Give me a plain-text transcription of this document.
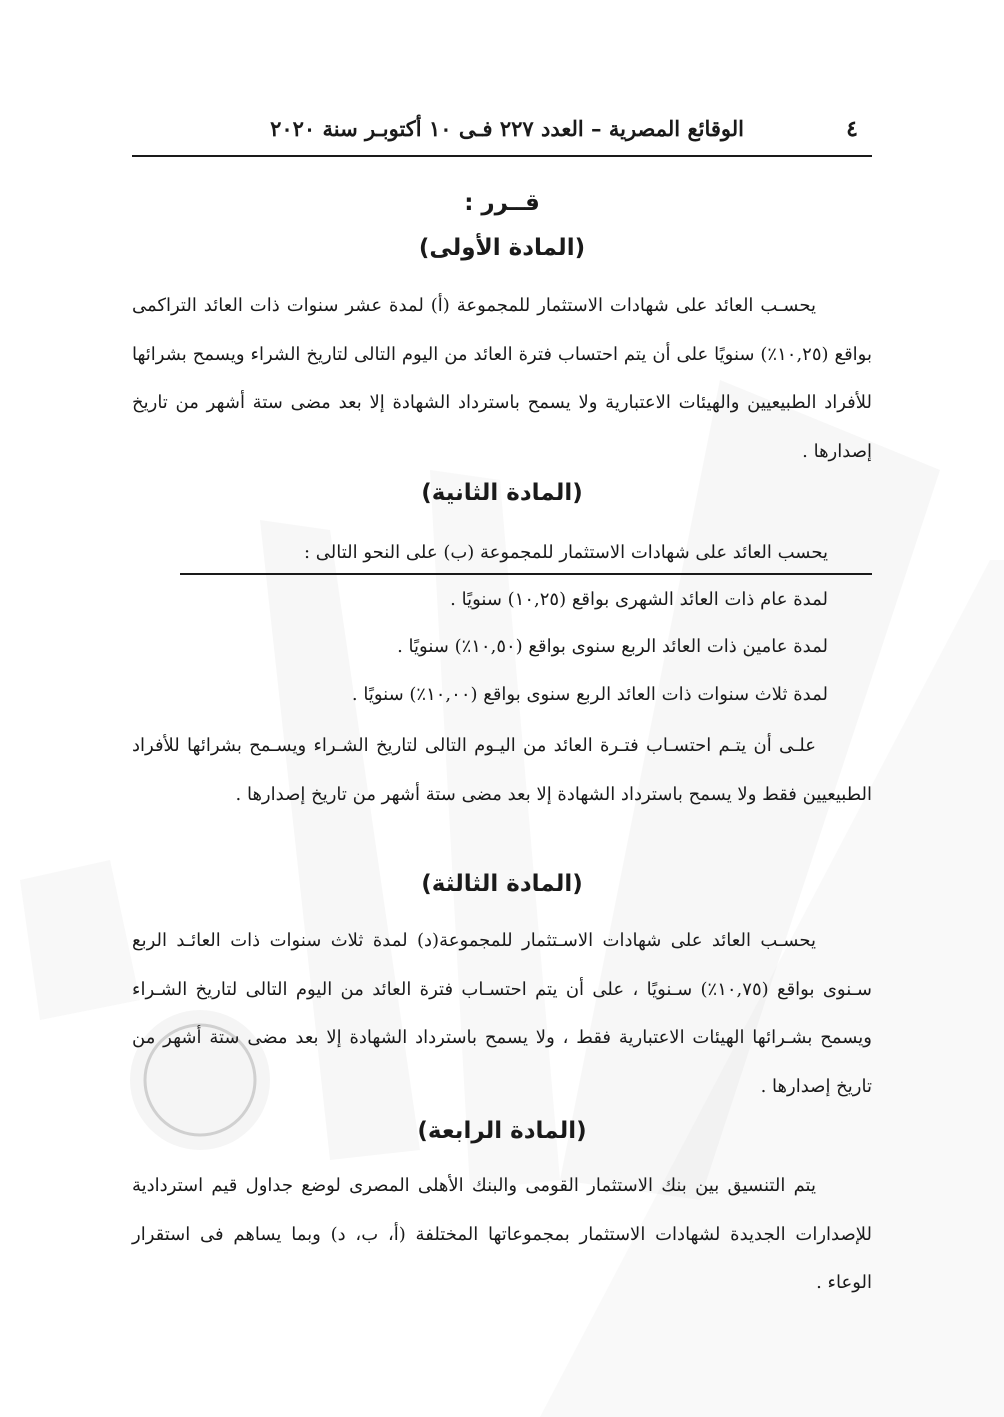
٤
الوقائع المصرية – العدد ٢٢٧ فـى ١٠ أكتوبـر سنة ٢٠٢٠
قــرر :
(المادة الأولى)

يحسـب العائد على شهادات الاستثمار للمجموعة (أ) لمدة عشر سنوات ذات العائد التراكمى بواقع (١٠,٢٥٪) سنويًا على أن يتم احتساب فترة العائد من اليوم التالى لتاريخ الشراء ويسمح بشرائها للأفراد الطبيعيين والهيئات الاعتبارية ولا يسمح باسترداد الشهادة إلا بعد مضى ستة أشهر من تاريخ إصدارها .

(المادة الثانية)

يحسب العائد على شهادات الاستثمار للمجموعة (ب) على النحو التالى :

لمدة عام ذات العائد الشهرى بواقع (١٠,٢٥) سنويًا .

لمدة عامين ذات العائد الربع سنوى بواقع (١٠,٥٠٪) سنويًا .

لمدة ثلاث سنوات ذات العائد الربع سنوى بواقع (١٠,٠٠٪) سنويًا .

علـى أن يتـم احتسـاب فتـرة العائد من اليـوم التالى لتاريخ الشـراء ويسـمح بشرائها للأفراد الطبيعيين فقط ولا يسمح باسترداد الشهادة إلا بعد مضى ستة أشهر من تاريخ إصدارها .

(المادة الثالثة)

يحسـب العائد على شهادات الاسـتثمار للمجموعة(د) لمدة ثلاث سنوات ذات العائـد الربع سـنوى بواقع (١٠,٧٥٪) سـنويًا ، على أن يتم احتسـاب فترة العائد من اليوم التالى لتاريخ الشـراء ويسمح بشـرائها الهيئات الاعتبارية فقط ، ولا يسمح باسترداد الشهادة إلا بعد مضى ستة أشهر من تاريخ إصدارها .

(المادة الرابعة)

يتم التنسيق بين بنك الاستثمار القومى والبنك الأهلى المصرى لوضع جداول قيم استردادية للإصدارات الجديدة لشهادات الاستثمار بمجموعاتها المختلفة (أ، ب، د) وبما يساهم فى استقرار الوعاء .
